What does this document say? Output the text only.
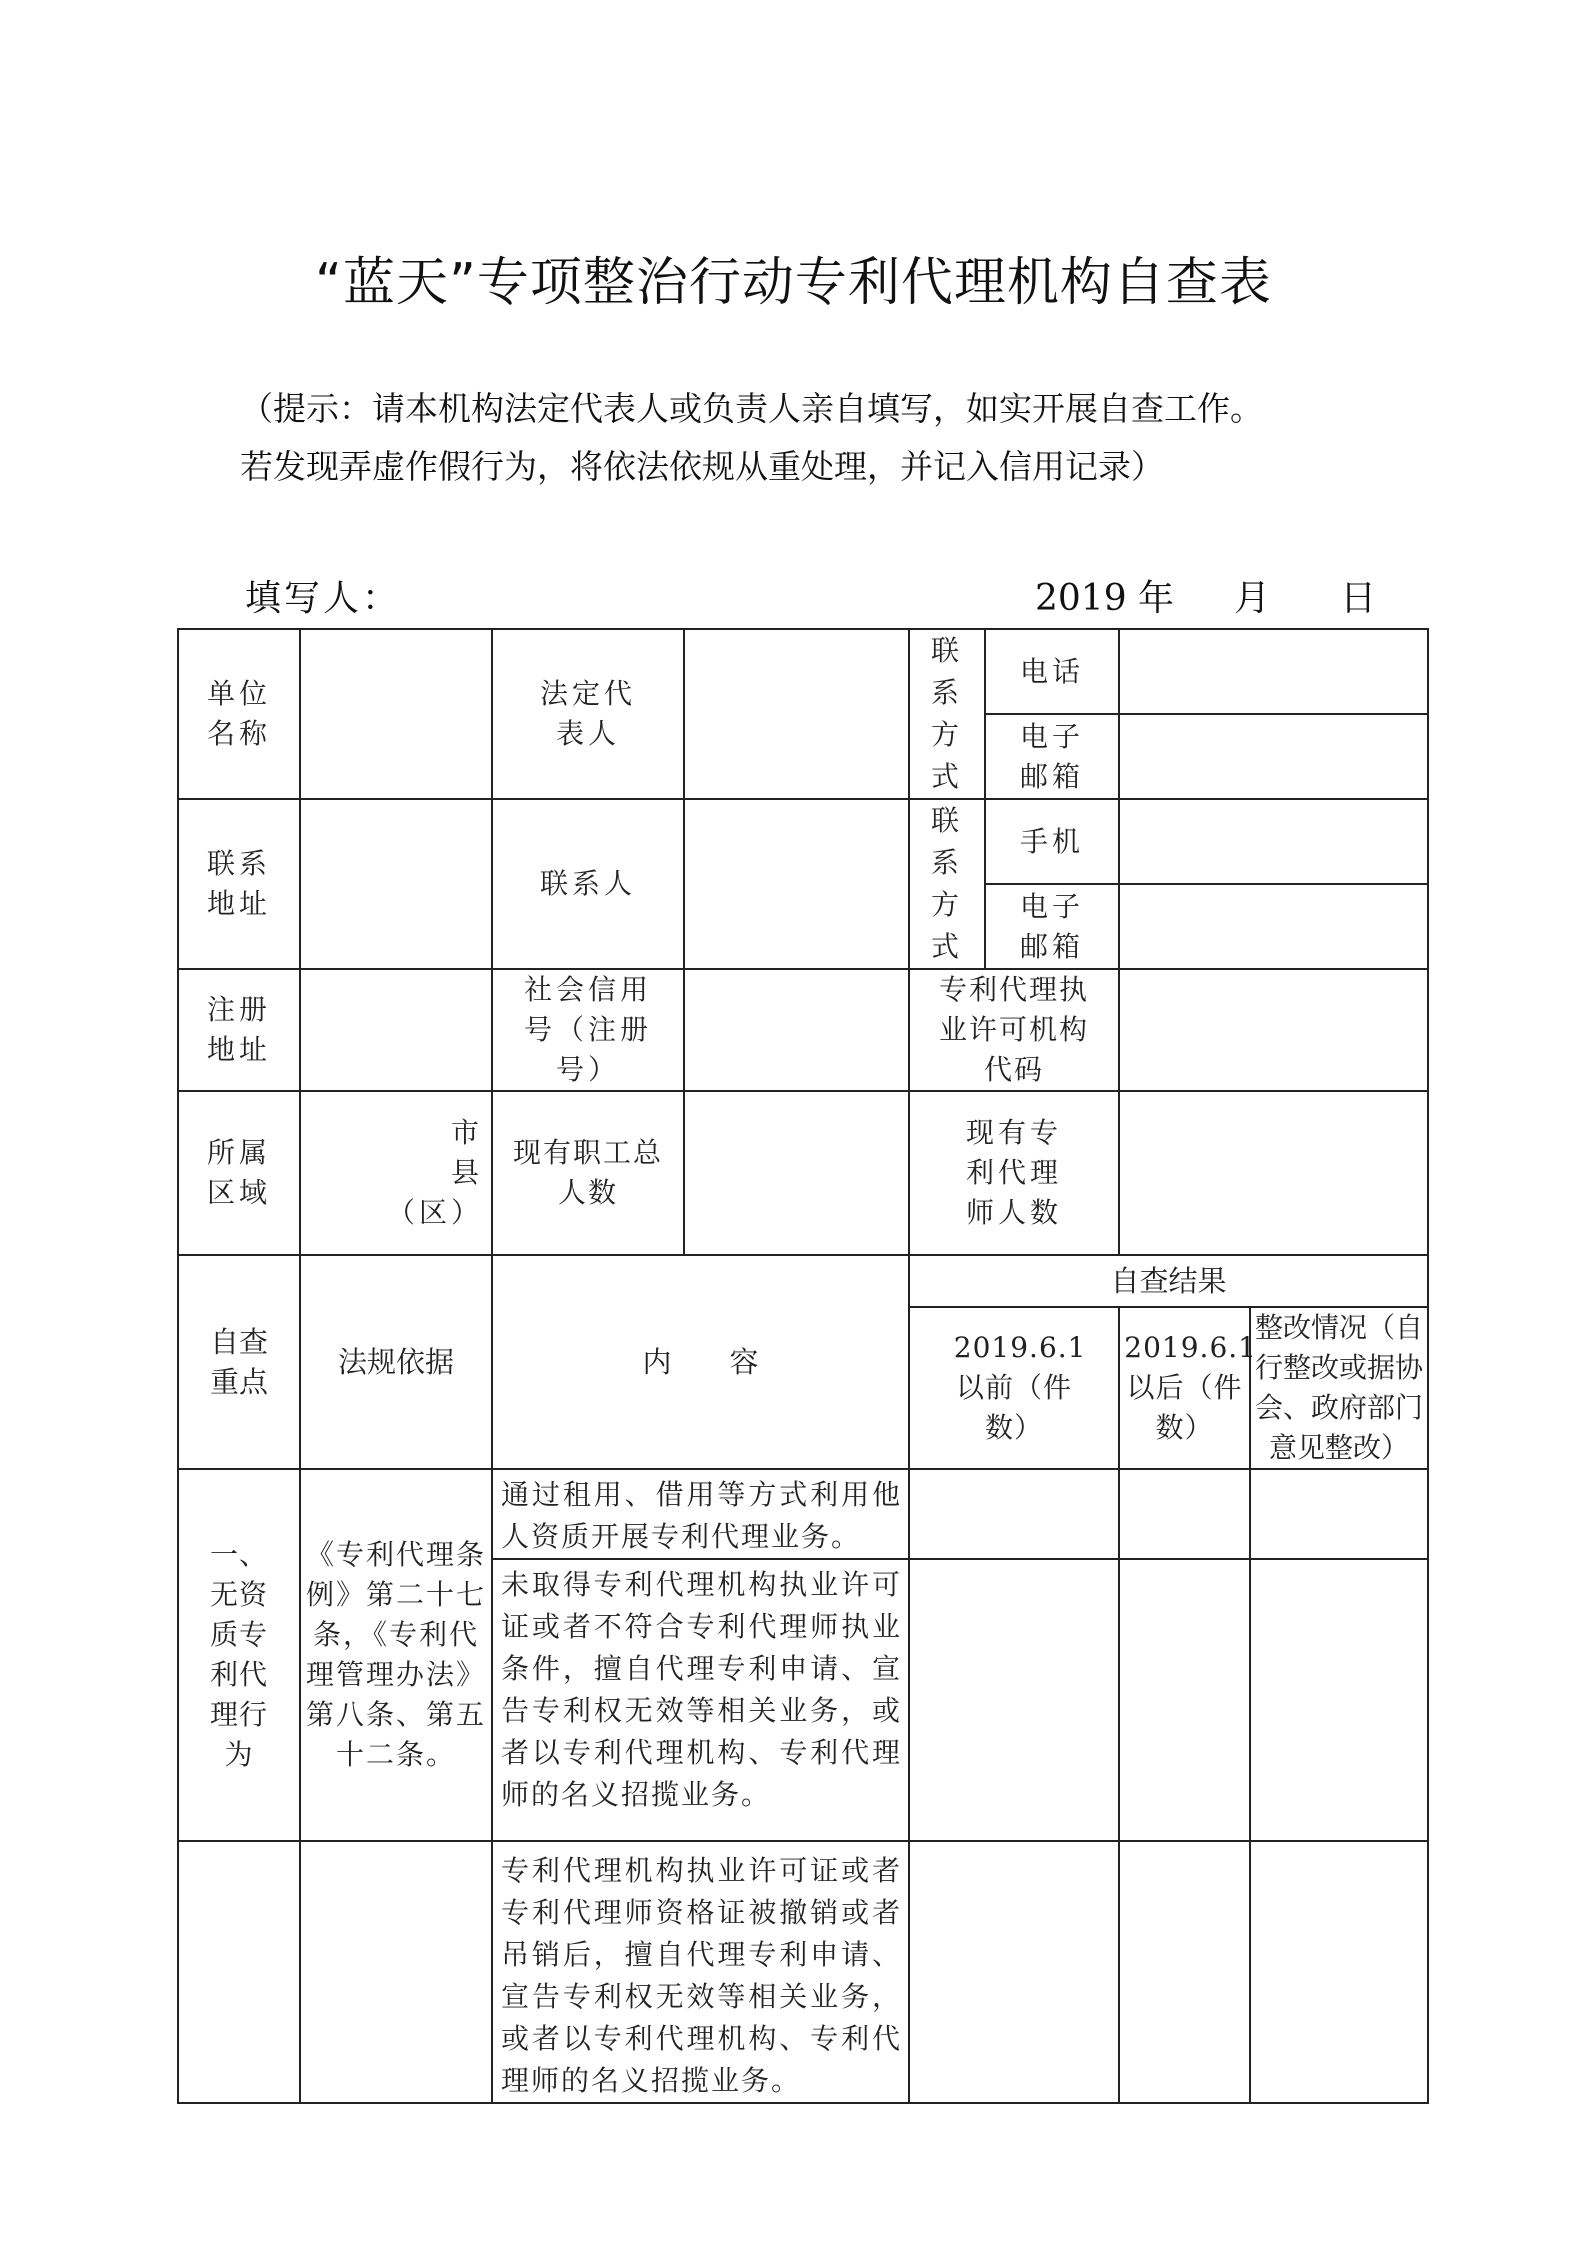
“蓝天”专项整治行动专利代理机构自查表
（提示：请本机构法定代表人或负责人亲自填写，如实开展自查工作。
若发现弄虚作假行为，将依法依规从重处理，并记入信用记录）
填写人：	2019 年 月 日
单位名称		法定代表人		联系方式	电话		

					电子邮箱		

联系地址		联系人		联系方式	手机		

					电子邮箱		

注册地址		社会信用号（注册号）		专利代理执业许可机构代码			

所属区域	市
县
（区）	现有职工总人数		现有专利代理师人数			

自查重点	法规依据	内　　容		自查结果			

				2019.6.1以前（件数）		2019.6.1以后（件数）	整改情况（自行整改或据协会、政府部门意见整改）

一、无资质专利代理行为	《专利代理条例》第二十七条，《专利代理管理办法》第八条、第五十二条。	通过租用、借用等方式利用他人资质开展专利代理业务。					
		未取得专利代理机构执业许可证或者不符合专利代理师执业条件，擅自代理专利申请、宣告专利权无效等相关业务，或者以专利代理机构、专利代理师的名义招揽业务。					
		专利代理机构执业许可证或者专利代理师资格证被撤销或者吊销后，擅自代理专利申请、宣告专利权无效等相关业务，或者以专利代理机构、专利代理师的名义招揽业务。					
